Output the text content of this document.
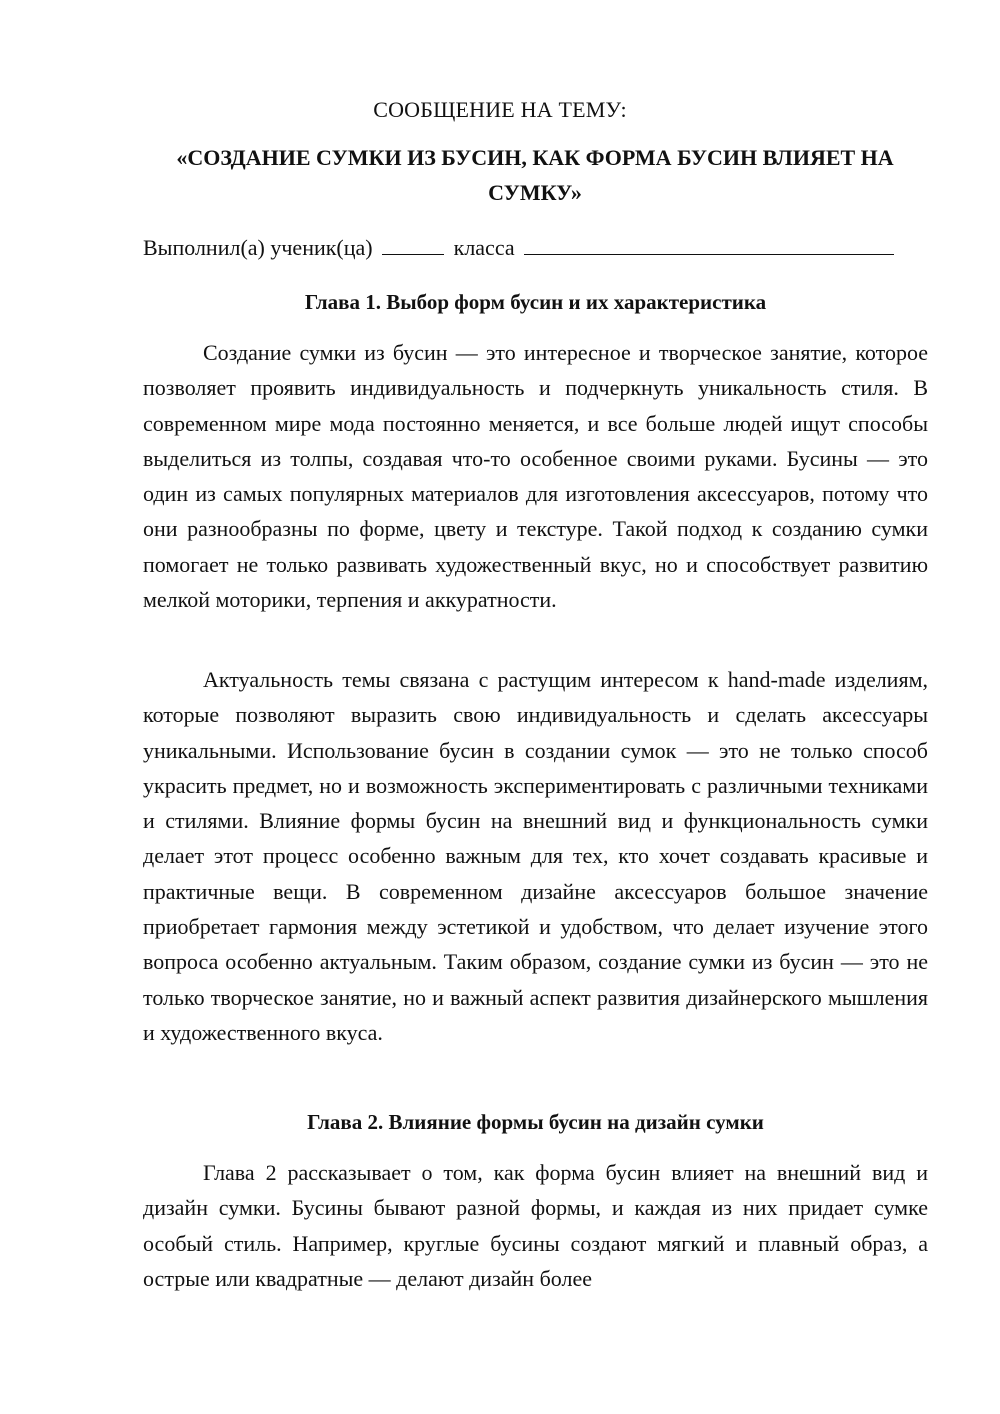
СООБЩЕНИЕ НА ТЕМУ:
«СОЗДАНИЕ СУМКИ ИЗ БУСИН, КАК ФОРМА БУСИН ВЛИЯЕТ НА СУМКУ»
Выполнил(а) ученик(ца)	класса
Глава 1. Выбор форм бусин и их характеристика

Создание сумки из бусин — это интересное и творческое занятие, которое позволяет проявить индивидуальность и подчеркнуть уникальность стиля. В современном мире мода постоянно меняется, и все больше людей ищут способы выделиться из толпы, создавая что-то особенное своими руками. Бусины — это один из самых популярных материалов для изготовления аксессуаров, потому что они разнообразны по форме, цвету и текстуре. Такой подход к созданию сумки помогает не только развивать художественный вкус, но и способствует развитию мелкой моторики, терпения и аккуратности.

Актуальность темы связана с растущим интересом к hand-made изделиям, которые позволяют выразить свою индивидуальность и сделать аксессуары уникальными. Использование бусин в создании сумок — это не только способ украсить предмет, но и возможность экспериментировать с различными техниками и стилями. Влияние формы бусин на внешний вид и функциональность сумки делает этот процесс особенно важным для тех, кто хочет создавать красивые и практичные вещи. В современном дизайне аксессуаров большое значение приобретает гармония между эстетикой и удобством, что делает изучение этого вопроса особенно актуальным. Таким образом, создание сумки из бусин — это не только творческое занятие, но и важный аспект развития дизайнерского мышления и художественного вкуса.

Глава 2. Влияние формы бусин на дизайн сумки

Глава 2 рассказывает о том, как форма бусин влияет на внешний вид и дизайн сумки. Бусины бывают разной формы, и каждая из них придает сумке особый стиль. Например, круглые бусины создают мягкий и плавный образ, а острые или квадратные — делают дизайн более
